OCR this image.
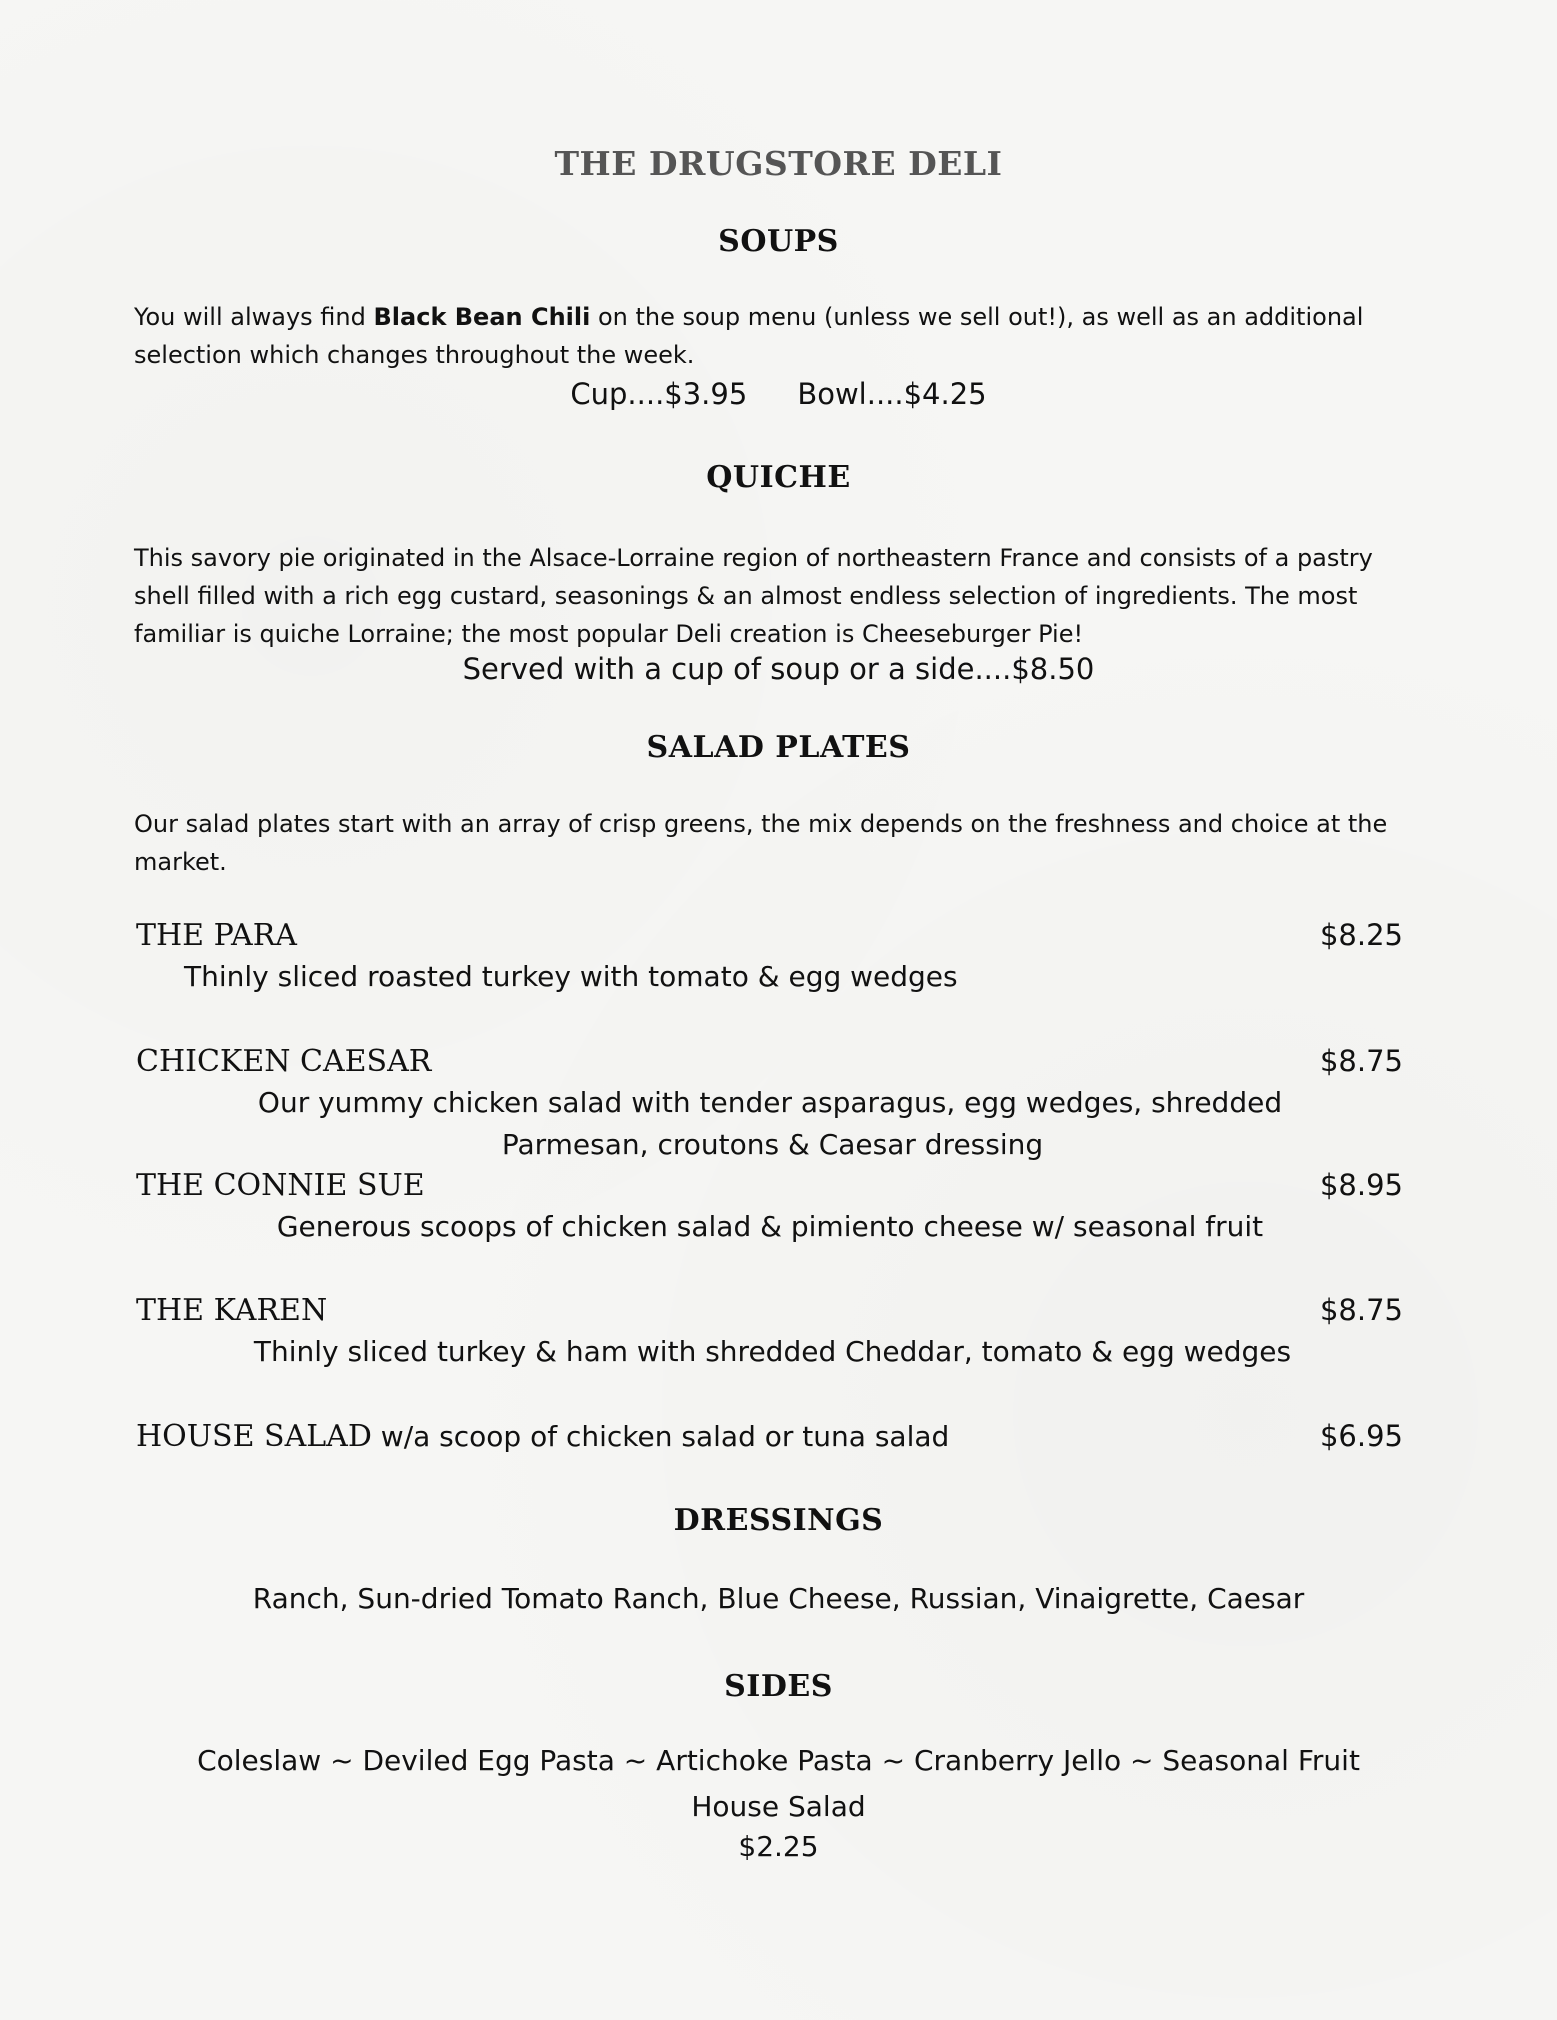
THE DRUGSTORE DELI
SOUPS

You will always find Black Bean Chili on the soup menu (unless we sell out!), as well as an additional selection which changes throughout the week.

Cup....$3.95 Bowl....$4.25

QUICHE

This savory pie originated in the Alsace-Lorraine region of northeastern France and consists of a pastry shell filled with a rich egg custard, seasonings & an almost endless selection of ingredients. The most familiar is quiche Lorraine; the most popular Deli creation is Cheeseburger Pie!

Served with a cup of soup or a side....$8.50

SALAD PLATES

Our salad plates start with an array of crisp greens, the mix depends on the freshness and choice at the market.

THE PARA	$8.25
Thinly sliced roasted turkey with tomato & egg wedges
CHICKEN CAESAR	$8.75
Our yummy chicken salad with tender asparagus, egg wedges, shredded
Parmesan, croutons & Caesar dressing
THE CONNIE SUE	$8.95
Generous scoops of chicken salad & pimiento cheese w/ seasonal fruit
THE KAREN	$8.75
Thinly sliced turkey & ham with shredded Cheddar, tomato & egg wedges
HOUSE SALAD w/a scoop of chicken salad or tuna salad	$6.95
DRESSINGS
Ranch, Sun-dried Tomato Ranch, Blue Cheese, Russian, Vinaigrette, Caesar
SIDES
Coleslaw ~ Deviled Egg Pasta ~ Artichoke Pasta ~ Cranberry Jello ~ Seasonal Fruit
House Salad
$2.25
